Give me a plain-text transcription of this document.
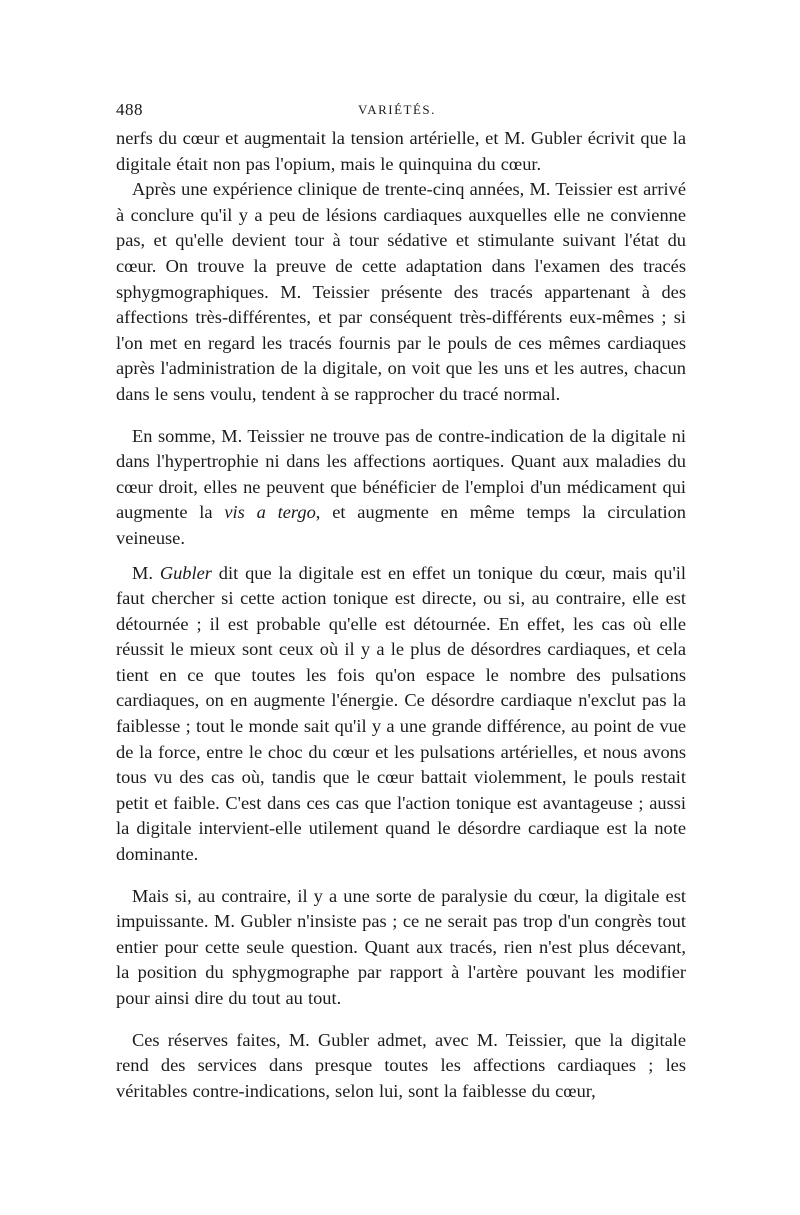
488	VARIÉTÉS.

nerfs du cœur et augmentait la tension artérielle, et M. Gubler écrivit que la digitale était non pas l'opium, mais le quinquina du cœur.

Après une expérience clinique de trente-cinq années, M. Teissier est arrivé à conclure qu'il y a peu de lésions cardiaques auxquelles elle ne convienne pas, et qu'elle devient tour à tour sédative et stimulante suivant l'état du cœur. On trouve la preuve de cette adaptation dans l'examen des tracés sphygmographiques. M. Teissier présente des tracés appartenant à des affections très-différentes, et par conséquent très-différents eux-mêmes ; si l'on met en regard les tracés fournis par le pouls de ces mêmes cardiaques après l'administration de la digitale, on voit que les uns et les autres, chacun dans le sens voulu, tendent à se rapprocher du tracé normal.

En somme, M. Teissier ne trouve pas de contre-indication de la digitale ni dans l'hypertrophie ni dans les affections aortiques. Quant aux maladies du cœur droit, elles ne peuvent que bénéficier de l'emploi d'un médicament qui augmente la vis a tergo, et augmente en même temps la circulation veineuse.

M. Gubler dit que la digitale est en effet un tonique du cœur, mais qu'il faut chercher si cette action tonique est directe, ou si, au contraire, elle est détournée ; il est probable qu'elle est détournée. En effet, les cas où elle réussit le mieux sont ceux où il y a le plus de désordres cardiaques, et cela tient en ce que toutes les fois qu'on espace le nombre des pulsations cardiaques, on en augmente l'énergie. Ce désordre cardiaque n'exclut pas la faiblesse ; tout le monde sait qu'il y a une grande différence, au point de vue de la force, entre le choc du cœur et les pulsations artérielles, et nous avons tous vu des cas où, tandis que le cœur battait violemment, le pouls restait petit et faible. C'est dans ces cas que l'action tonique est avantageuse ; aussi la digitale intervient-elle utilement quand le désordre cardiaque est la note dominante.

Mais si, au contraire, il y a une sorte de paralysie du cœur, la digitale est impuissante. M. Gubler n'insiste pas ; ce ne serait pas trop d'un congrès tout entier pour cette seule question. Quant aux tracés, rien n'est plus décevant, la position du sphygmographe par rapport à l'artère pouvant les modifier pour ainsi dire du tout au tout.

Ces réserves faites, M. Gubler admet, avec M. Teissier, que la digitale rend des services dans presque toutes les affections cardiaques ; les véritables contre-indications, selon lui, sont la faiblesse du cœur,
